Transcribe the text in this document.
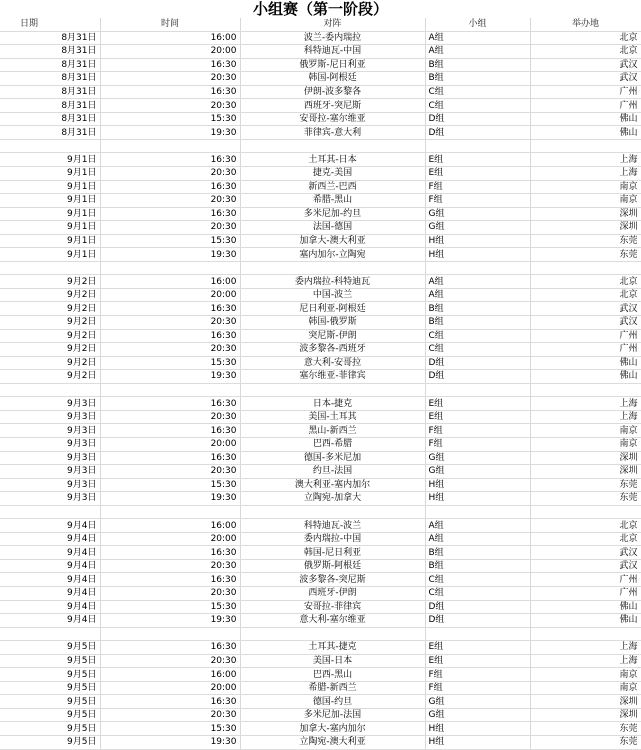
小组赛（第一阶段）
日期	时间	对阵	小组	举办地
8月31日	16:00	波兰-委内瑞拉	A组	北京
8月31日	20:00	科特迪瓦-中国	A组	北京
8月31日	16:30	俄罗斯-尼日利亚	B组	武汉
8月31日	20:30	韩国-阿根廷	B组	武汉
8月31日	16:30	伊朗-波多黎各	C组	广州
8月31日	20:30	西班牙-突尼斯	C组	广州
8月31日	15:30	安哥拉-塞尔维亚	D组	佛山
8月31日	19:30	菲律宾-意大利	D组	佛山

9月1日	16:30	土耳其-日本	E组	上海
9月1日	20:30	捷克-美国	E组	上海
9月1日	16:30	新西兰-巴西	F组	南京
9月1日	20:30	希腊-黑山	F组	南京
9月1日	16:30	多米尼加-约旦	G组	深圳
9月1日	20:30	法国-德国	G组	深圳
9月1日	15:30	加拿大-澳大利亚	H组	东莞
9月1日	19:30	塞内加尔-立陶宛	H组	东莞

9月2日	16:00	委内瑞拉-科特迪瓦	A组	北京
9月2日	20:00	中国-波兰	A组	北京
9月2日	16:30	尼日利亚-阿根廷	B组	武汉
9月2日	20:30	韩国-俄罗斯	B组	武汉
9月2日	16:30	突尼斯-伊朗	C组	广州
9月2日	20:30	波多黎各-西班牙	C组	广州
9月2日	15:30	意大利-安哥拉	D组	佛山
9月2日	19:30	塞尔维亚-菲律宾	D组	佛山

9月3日	16:30	日本-捷克	E组	上海
9月3日	20:30	美国-土耳其	E组	上海
9月3日	16:30	黑山-新西兰	F组	南京
9月3日	20:00	巴西-希腊	F组	南京
9月3日	16:30	德国-多米尼加	G组	深圳
9月3日	20:30	约旦-法国	G组	深圳
9月3日	15:30	澳大利亚-塞内加尔	H组	东莞
9月3日	19:30	立陶宛-加拿大	H组	东莞

9月4日	16:00	科特迪瓦-波兰	A组	北京
9月4日	20:00	委内瑞拉-中国	A组	北京
9月4日	16:30	韩国-尼日利亚	B组	武汉
9月4日	20:30	俄罗斯-阿根廷	B组	武汉
9月4日	16:30	波多黎各-突尼斯	C组	广州
9月4日	20:30	西班牙-伊朗	C组	广州
9月4日	15:30	安哥拉-菲律宾	D组	佛山
9月4日	19:30	意大利-塞尔维亚	D组	佛山

9月5日	16:30	土耳其-捷克	E组	上海
9月5日	20:30	美国-日本	E组	上海
9月5日	16:00	巴西-黑山	F组	南京
9月5日	20:00	希腊-新西兰	F组	南京
9月5日	16:30	德国-约旦	G组	深圳
9月5日	20:30	多米尼加-法国	G组	深圳
9月5日	15:30	加拿大-塞内加尔	H组	东莞
9月5日	19:30	立陶宛-澳大利亚	H组	东莞
